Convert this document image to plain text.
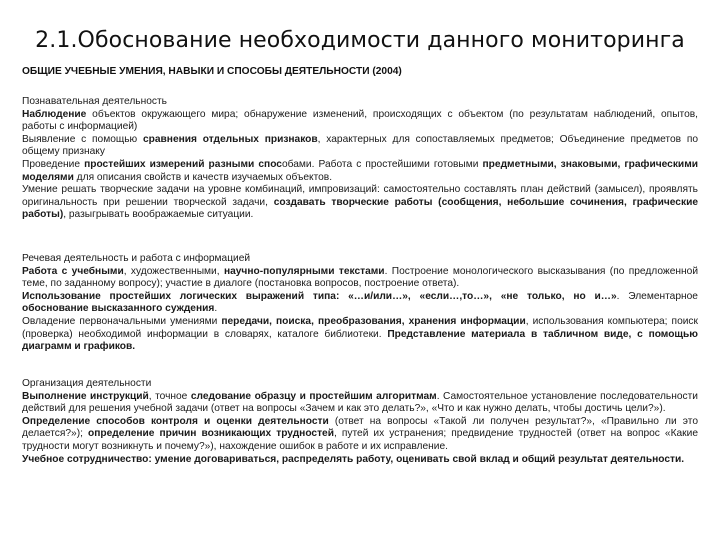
2.1.Обоснование необходимости данного мониторинга
ОБЩИЕ УЧЕБНЫЕ УМЕНИЯ, НАВЫКИ И СПОСОБЫ ДЕЯТЕЛЬНОСТИ (2004)
Познавательная деятельность

Наблюдение объектов окружающего мира; обнаружение изменений, происходящих с объектом (по результатам наблюдений, опытов, работы с информацией)

Выявление с помощью сравнения отдельных признаков, характерных для сопоставляемых предметов; Объединение предметов по общему признаку

Проведение простейших измерений разными способами. Работа с простейшими готовыми предметными, знаковыми, графическими моделями для описания свойств и качеств изучаемых объектов.

Умение решать творческие задачи на уровне комбинаций, импровизаций: самостоятельно составлять план действий (замысел), проявлять оригинальность при решении творческой задачи, создавать творческие работы (сообщения, небольшие сочинения, графические работы), разыгрывать воображаемые ситуации.

Речевая деятельность и работа с информацией

Работа с учебными, художественными, научно-популярными текстами. Построение монологического высказывания (по предложенной теме, по заданному вопросу); участие в диалоге (постановка вопросов, построение ответа).

Использование простейших логических выражений типа: «…и/или…», «если…,то…», «не только, но и…». Элементарное обоснование высказанного суждения.

Овладение первоначальными умениями передачи, поиска, преобразования, хранения информации, использования компьютера; поиск (проверка) необходимой информации в словарях, каталоге библиотеки. Представление материала в табличном виде, с помощью диаграмм и графиков.

Организация деятельности

Выполнение инструкций, точное следование образцу и простейшим алгоритмам. Самостоятельное установление последовательности действий для решения учебной задачи (ответ на вопросы «Зачем и как это делать?», «Что и как нужно делать, чтобы достичь цели?»).

Определение способов контроля и оценки деятельности (ответ на вопросы «Такой ли получен результат?», «Правильно ли это делается?»); определение причин возникающих трудностей, путей их устранения; предвидение трудностей (ответ на вопрос «Какие трудности могут возникнуть и почему?»), нахождение ошибок в работе и их исправление.

Учебное сотрудничество: умение договариваться, распределять работу, оценивать свой вклад и общий результат деятельности.
